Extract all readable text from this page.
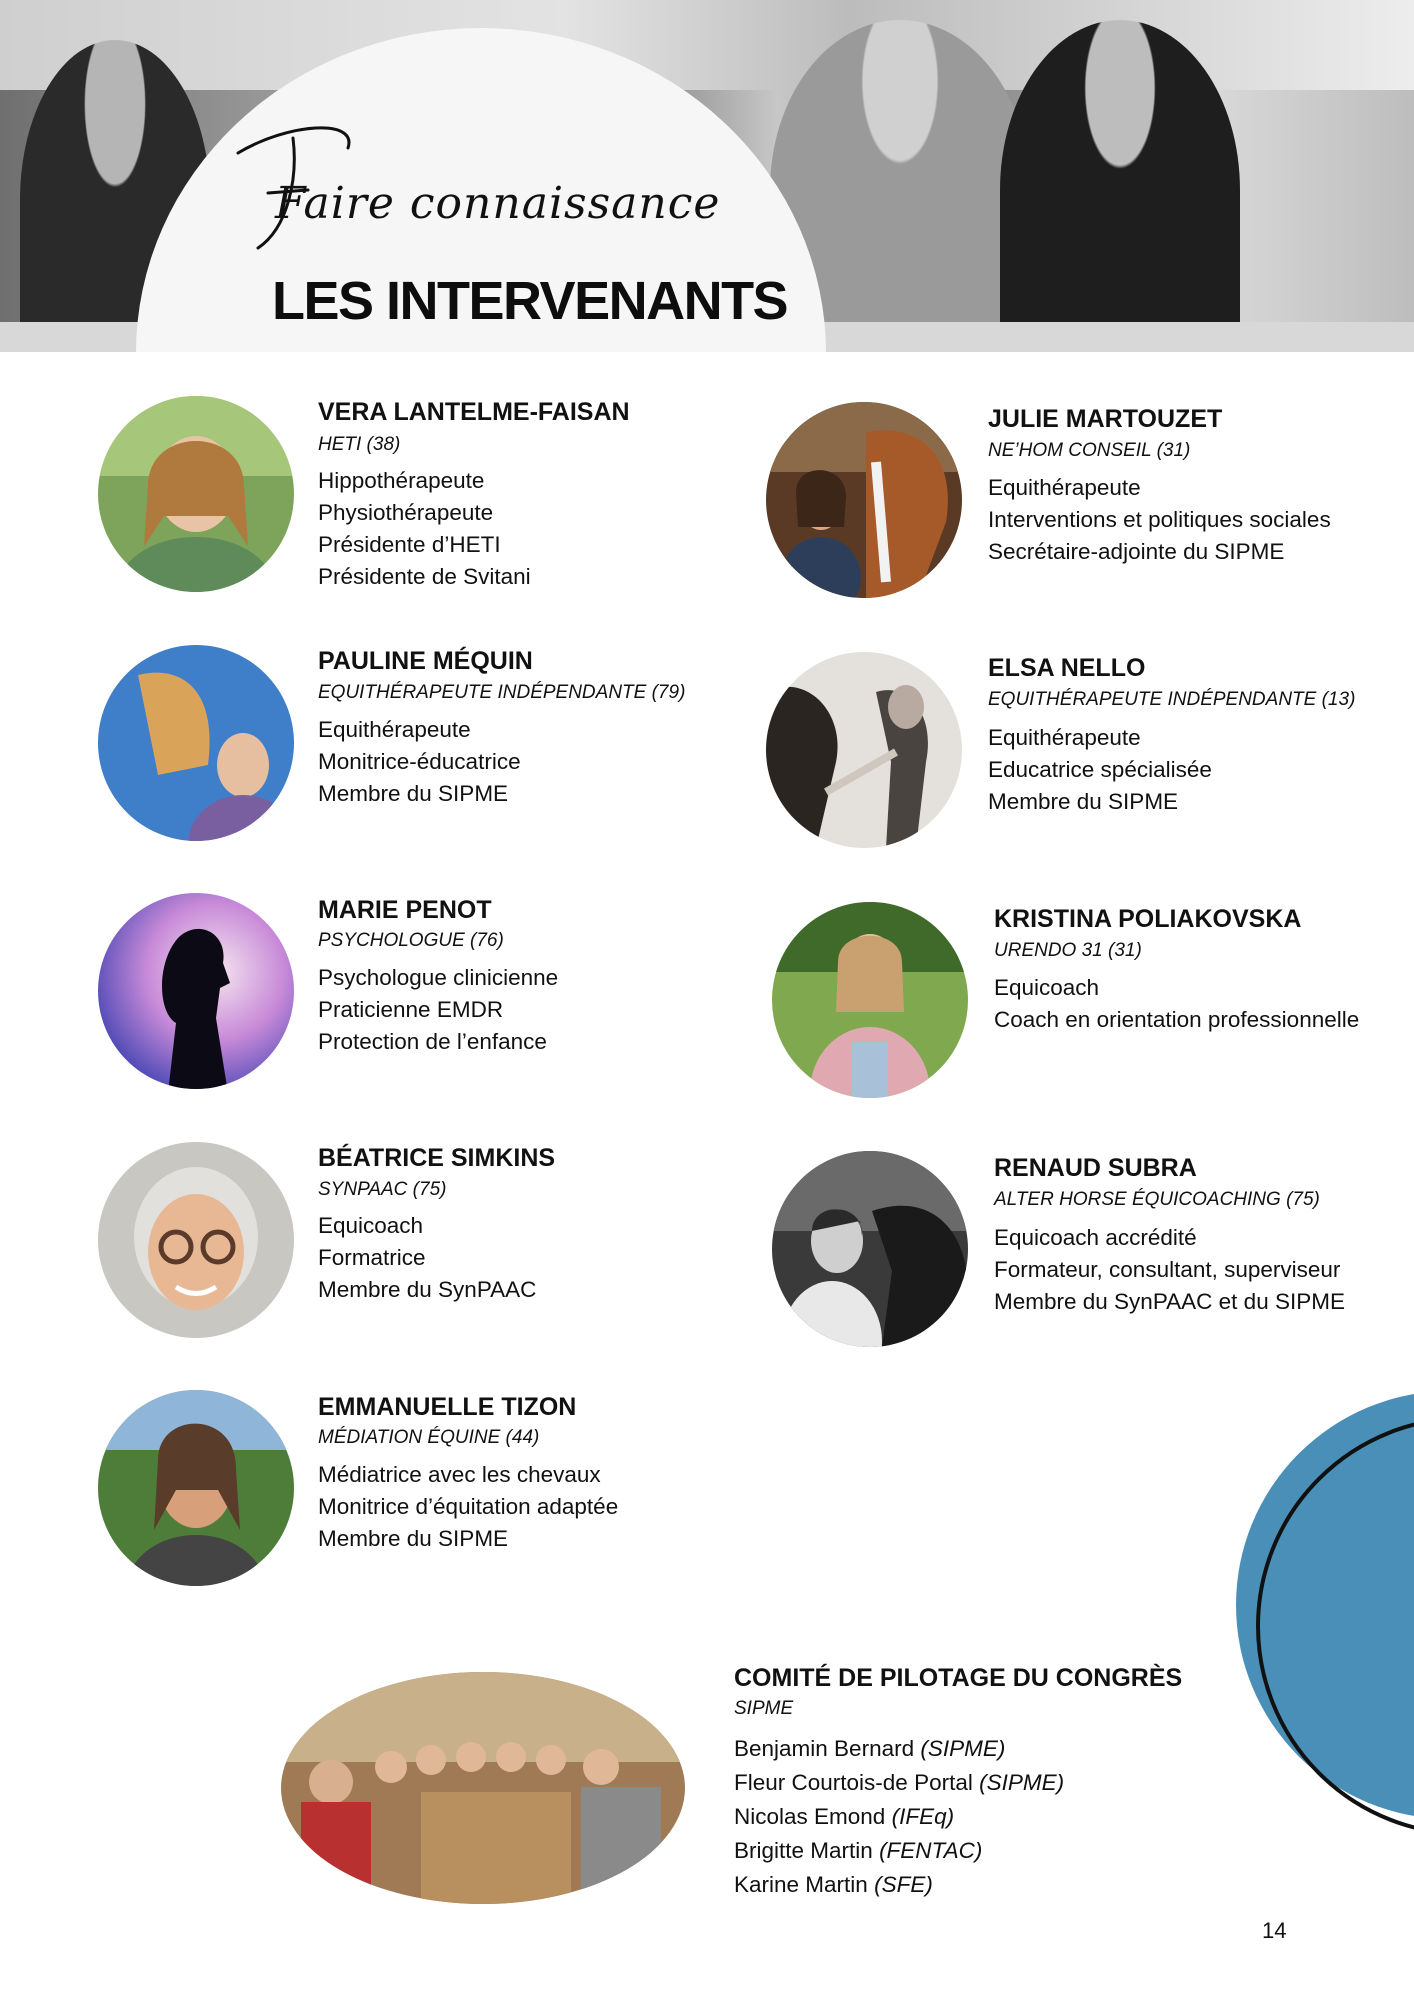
Faire connaissance
LES INTERVENANTS
VERA LANTELME-FAISAN
HETI (38)
Hippothérapeute
Physiothérapeute
Présidente d’HETI
Présidente de Svitani
PAULINE MÉQUIN
EQUITHÉRAPEUTE INDÉPENDANTE (79)
Equithérapeute
Monitrice-éducatrice
Membre du SIPME
MARIE PENOT
PSYCHOLOGUE (76)
Psychologue clinicienne
Praticienne EMDR
Protection de l’enfance
BÉATRICE SIMKINS
SYNPAAC (75)
Equicoach
Formatrice
Membre du SynPAAC
EMMANUELLE TIZON
MÉDIATION ÉQUINE (44)
Médiatrice avec les chevaux
Monitrice d’équitation adaptée
Membre du SIPME
JULIE MARTOUZET
NE’HOM CONSEIL (31)
Equithérapeute
Interventions et politiques sociales
Secrétaire-adjointe du SIPME
ELSA NELLO
EQUITHÉRAPEUTE INDÉPENDANTE (13)
Equithérapeute
Educatrice spécialisée
Membre du SIPME
KRISTINA POLIAKOVSKA
URENDO 31 (31)
Equicoach
Coach en orientation professionnelle
RENAUD SUBRA
ALTER HORSE ÉQUICOACHING (75)
Equicoach accrédité
Formateur, consultant, superviseur
Membre du SynPAAC et du SIPME
COMITÉ DE PILOTAGE DU CONGRÈS
SIPME
Benjamin Bernard (SIPME)
Fleur Courtois-de Portal (SIPME)
Nicolas Emond (IFEq)
Brigitte Martin (FENTAC)
Karine Martin (SFE)
14
